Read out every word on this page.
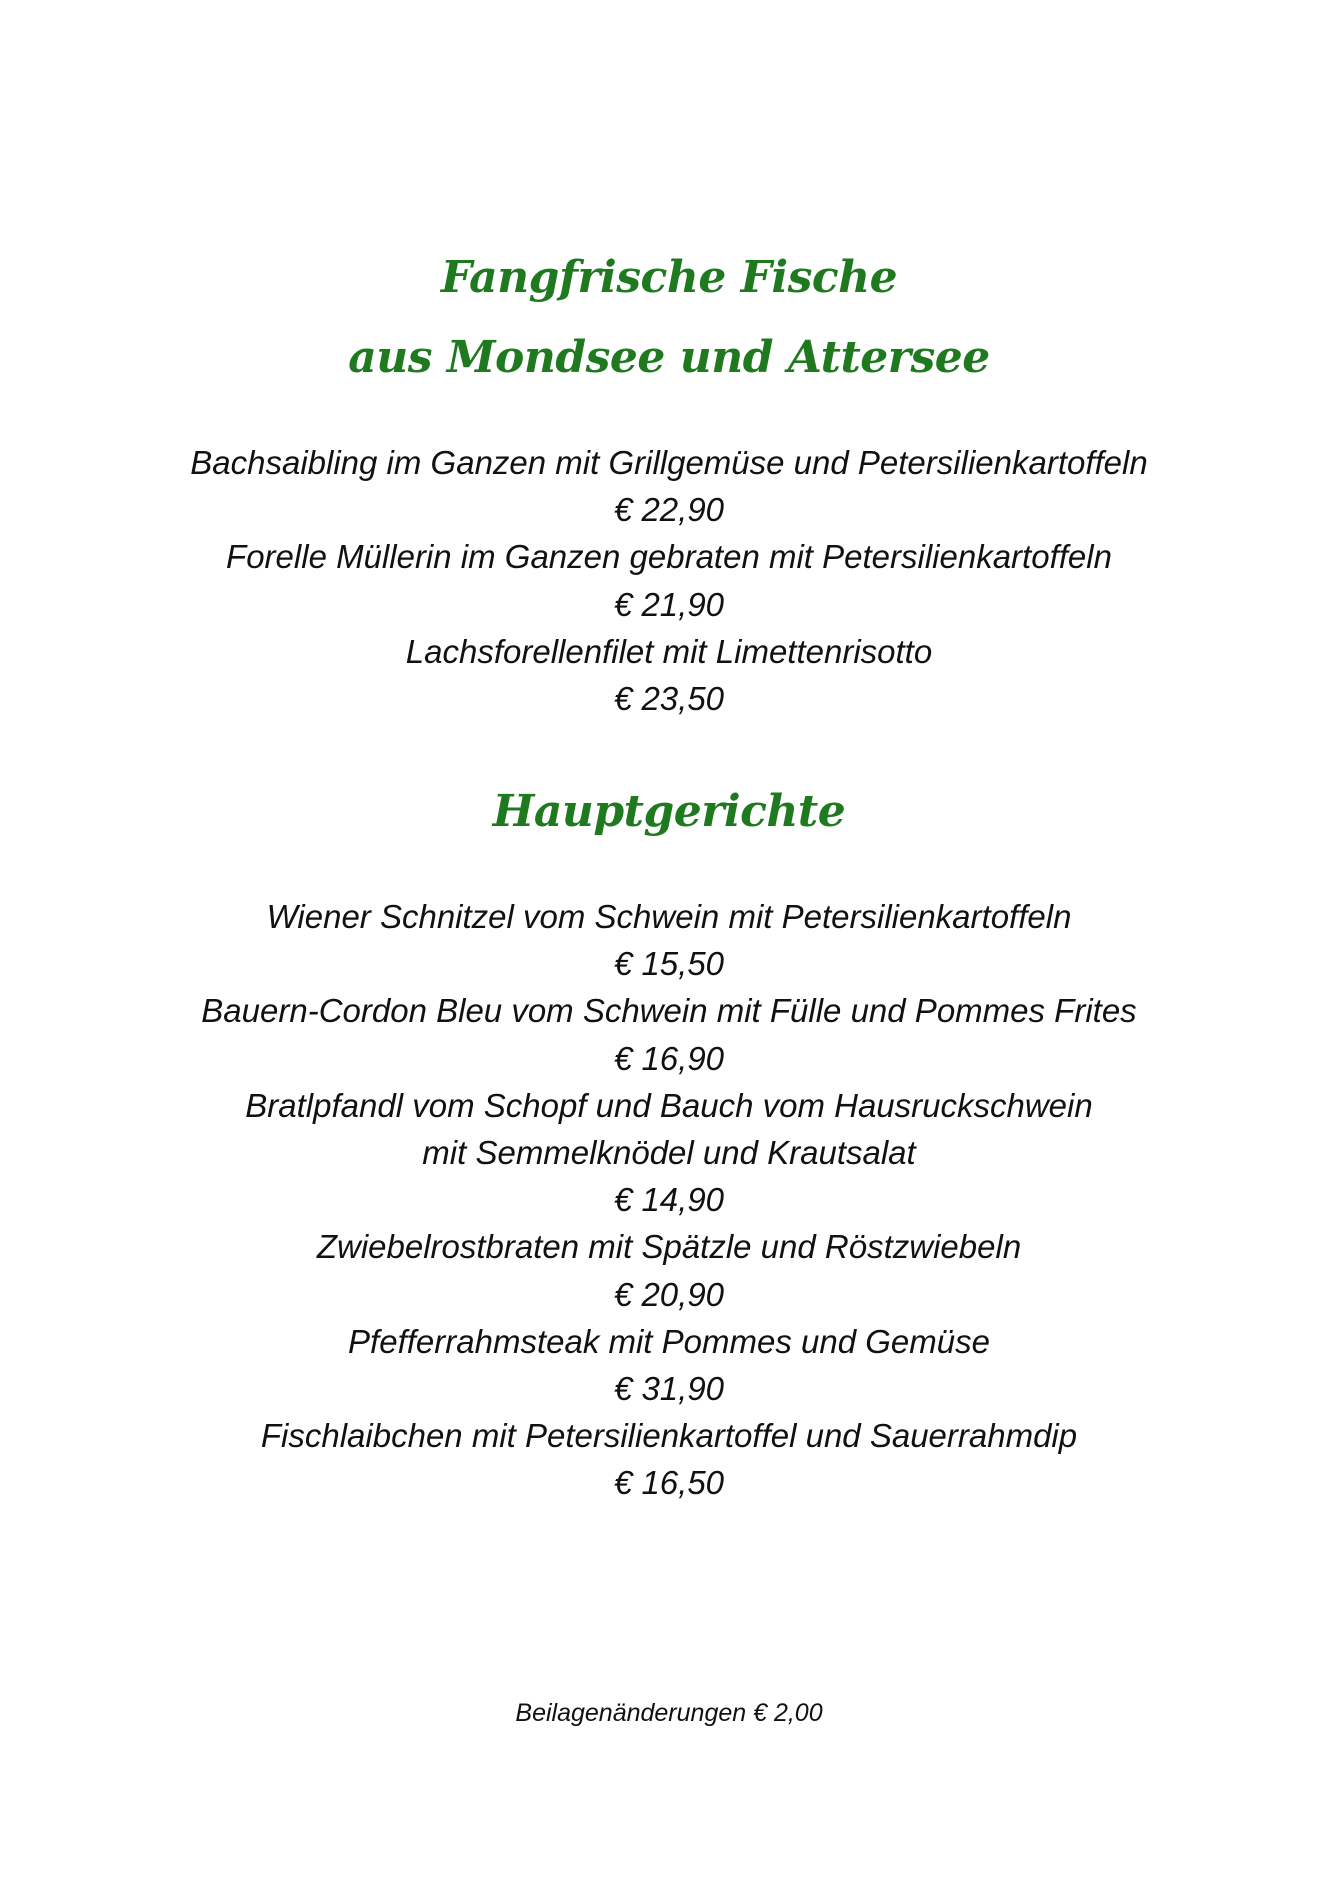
Fangfrische Fische
aus Mondsee und Attersee
Bachsaibling im Ganzen mit Grillgemüse und Petersilienkartoffeln
€ 22,90
Forelle Müllerin im Ganzen gebraten mit Petersilienkartoffeln
€ 21,90
Lachsforellenfilet mit Limettenrisotto
€ 23,50
Hauptgerichte
Wiener Schnitzel vom Schwein mit Petersilienkartoffeln
€ 15,50
Bauern-Cordon Bleu vom Schwein mit Fülle und Pommes Frites
€ 16,90
Bratlpfandl vom Schopf und Bauch vom Hausruckschwein
mit Semmelknödel und Krautsalat
€ 14,90
Zwiebelrostbraten mit Spätzle und Röstzwiebeln
€ 20,90
Pfefferrahmsteak mit Pommes und Gemüse
€ 31,90
Fischlaibchen mit Petersilienkartoffel und Sauerrahmdip
€ 16,50
Beilagenänderungen € 2,00
